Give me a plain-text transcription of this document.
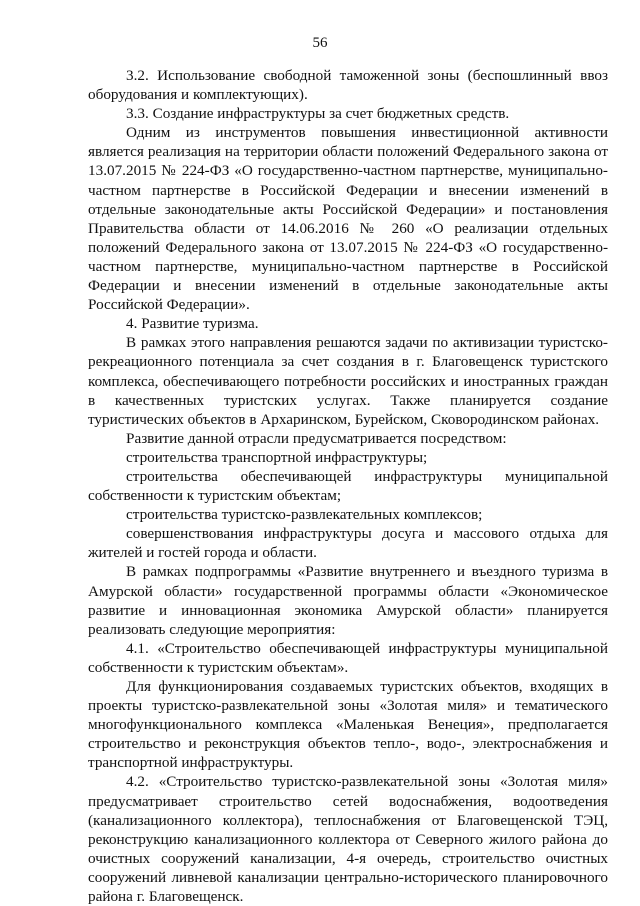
56

3.2. Использование свободной таможенной зоны (беспошлинный ввоз оборудования и комплектующих).

3.3. Создание инфраструктуры за счет бюджетных средств.

Одним из инструментов повышения инвестиционной активности является реализация на территории области положений Федерального закона от 13.07.2015 № 224-ФЗ «О государственно-частном партнерстве, муниципально-частном партнерстве в Российской Федерации и внесении изменений в отдельные законодательные акты Российской Федерации» и постановления Правительства области от 14.06.2016 № 260 «О реализации отдельных положений Федерального закона от 13.07.2015 № 224-ФЗ «О государственно-частном партнерстве, муниципально-частном партнерстве в Российской Федерации и внесении изменений в отдельные законодательные акты Российской Федерации».

4. Развитие туризма.

В рамках этого направления решаются задачи по активизации туристско-рекреационного потенциала за счет создания в г. Благовещенск туристского комплекса, обеспечивающего потребности российских и иностранных граждан в качественных туристских услугах. Также планируется создание туристических объектов в Архаринском, Бурейском, Сковородинском районах.

Развитие данной отрасли предусматривается посредством:

строительства транспортной инфраструктуры;

строительства обеспечивающей инфраструктуры муниципальной собственности к туристским объектам;

строительства туристско-развлекательных комплексов;

совершенствования инфраструктуры досуга и массового отдыха для жителей и гостей города и области.

В рамках подпрограммы «Развитие внутреннего и въездного туризма в Амурской области» государственной программы области «Экономическое развитие и инновационная экономика Амурской области» планируется реализовать следующие мероприятия:

4.1. «Строительство обеспечивающей инфраструктуры муниципальной собственности к туристским объектам».

Для функционирования создаваемых туристских объектов, входящих в проекты туристско-развлекательной зоны «Золотая миля» и тематического многофункционального комплекса «Маленькая Венеция», предполагается строительство и реконструкция объектов тепло-, водо-, электроснабжения и транспортной инфраструктуры.

4.2. «Строительство туристско-развлекательной зоны «Золотая миля» предусматривает строительство сетей водоснабжения, водоотведения (канализационного коллектора), теплоснабжения от Благовещенской ТЭЦ, реконструкцию канализационного коллектора от Северного жилого района до очистных сооружений канализации, 4-я очередь, строительство очистных сооружений ливневой канализации центрально-исторического планировочного района г. Благовещенск.
